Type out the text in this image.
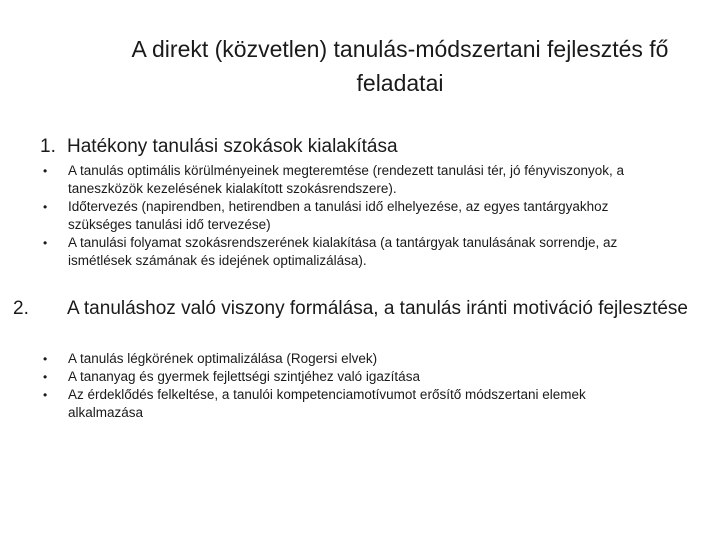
A direkt (közvetlen) tanulás-módszertani fejlesztés fő feladatai
1. Hatékony tanulási szokások kialakítása
• A tanulás optimális körülményeinek megteremtése (rendezett tanulási tér, jó fényviszonyok, a taneszközök kezelésének kialakított szokásrendszere).
• Időtervezés (napirendben, hetirendben a tanulási idő elhelyezése, az egyes tantárgyakhoz szükséges tanulási idő tervezése)
• A tanulási folyamat szokásrendszerének kialakítása (a tantárgyak tanulásának sorrendje, az ismétlések számának és idejének optimalizálása).
2. A tanuláshoz való viszony formálása, a tanulás iránti motiváció fejlesztése
• A tanulás légkörének optimalizálása (Rogersi elvek)
• A tananyag és gyermek fejlettségi szintjéhez való igazítása
• Az érdeklődés felkeltése, a tanulói kompetenciamotívumot erősítő módszertani elemek alkalmazása
